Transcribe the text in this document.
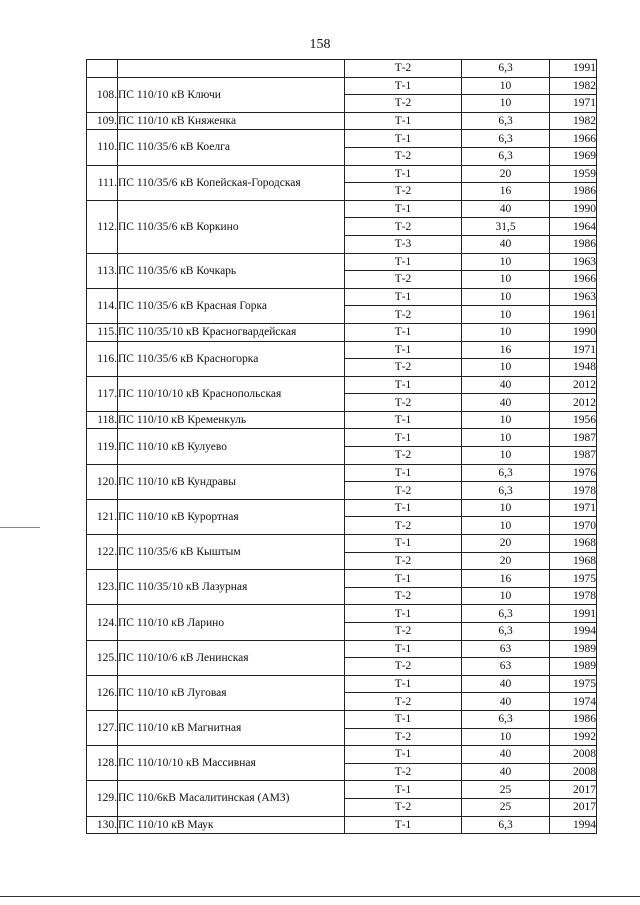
158
		Т-2	6,3	1991
108.	ПС 110/10 кВ Ключи	Т-1	10	1982
		Т-2	10	1971
109.	ПС 110/10 кВ Княженка	Т-1	6,3	1982
110.	ПС 110/35/6 кВ Коелга	Т-1	6,3	1966
		Т-2	6,3	1969
111.	ПС 110/35/6 кВ Копейская-Городская	Т-1	20	1959
		Т-2	16	1986
112.	ПС 110/35/6 кВ Коркино	Т-1	40	1990
		Т-2	31,5	1964
		Т-3	40	1986
113.	ПС 110/35/6 кВ Кочкарь	Т-1	10	1963
		Т-2	10	1966
114.	ПС 110/35/6 кВ Красная Горка	Т-1	10	1963
		Т-2	10	1961
115.	ПС 110/35/10 кВ Красногвардейская	Т-1	10	1990
116.	ПС 110/35/6 кВ Красногорка	Т-1	16	1971
		Т-2	10	1948
117.	ПС 110/10/10 кВ Краснопольская	Т-1	40	2012
		Т-2	40	2012
118.	ПС 110/10 кВ Кременкуль	Т-1	10	1956
119.	ПС 110/10 кВ Кулуево	Т-1	10	1987
		Т-2	10	1987
120.	ПС 110/10 кВ Кундравы	Т-1	6,3	1976
		Т-2	6,3	1978
121.	ПС 110/10 кВ Курортная	Т-1	10	1971
		Т-2	10	1970
122.	ПС 110/35/6 кВ Кыштым	Т-1	20	1968
		Т-2	20	1968
123.	ПС 110/35/10 кВ Лазурная	Т-1	16	1975
		Т-2	10	1978
124.	ПС 110/10 кВ Ларино	Т-1	6,3	1991
		Т-2	6,3	1994
125.	ПС 110/10/6 кВ Ленинская	Т-1	63	1989
		Т-2	63	1989
126.	ПС 110/10 кВ Луговая	Т-1	40	1975
		Т-2	40	1974
127.	ПС 110/10 кВ Магнитная	Т-1	6,3	1986
		Т-2	10	1992
128.	ПС 110/10/10 кВ Массивная	Т-1	40	2008
		Т-2	40	2008
129.	ПС 110/6кВ Масалитинская (АМЗ)	Т-1	25	2017
		Т-2	25	2017
130.	ПС 110/10 кВ Маук	Т-1	6,3	1994
